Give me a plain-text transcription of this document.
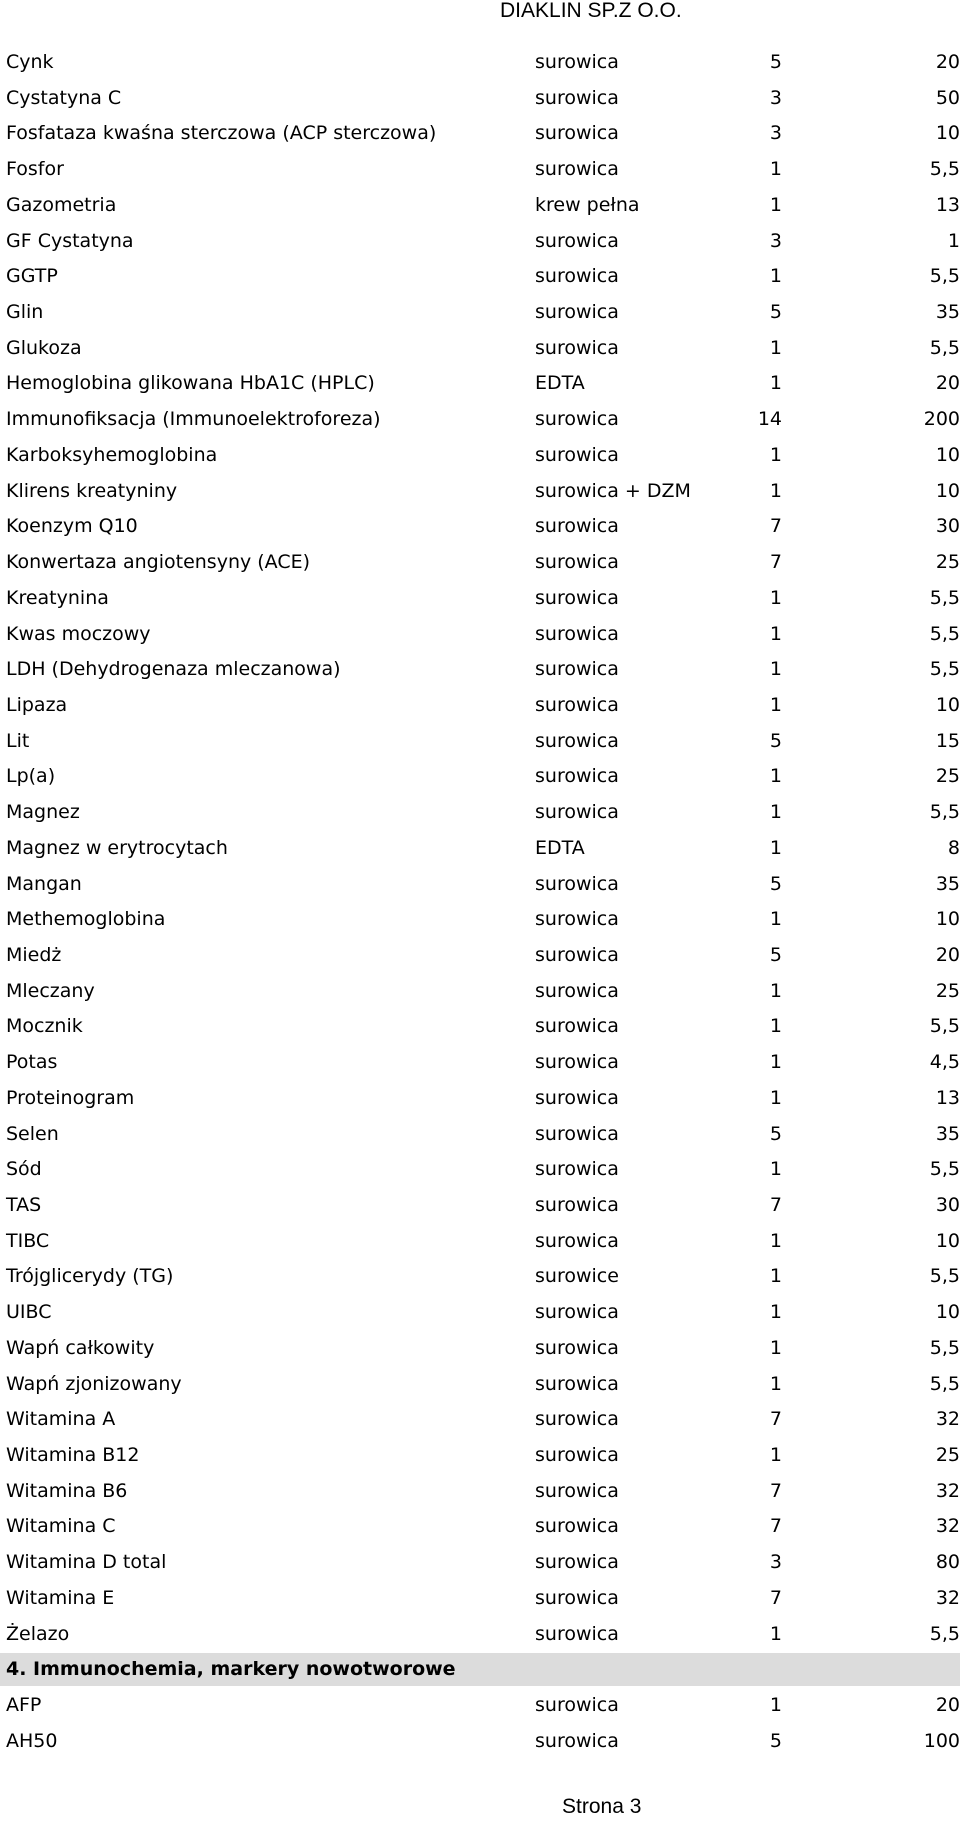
DIAKLIN SP.Z O.O.
Cynk	surowica	5	20
Cystatyna C	surowica	3	50
Fosfataza kwaśna sterczowa (ACP sterczowa)	surowica	3	10
Fosfor	surowica	1	5,5
Gazometria	krew pełna	1	13
GF Cystatyna	surowica	3	1
GGTP	surowica	1	5,5
Glin	surowica	5	35
Glukoza	surowica	1	5,5
Hemoglobina glikowana HbA1C (HPLC)	EDTA	1	20
Immunofiksacja (Immunoelektroforeza)	surowica	14	200
Karboksyhemoglobina	surowica	1	10
Klirens kreatyniny	surowica + DZM	1	10
Koenzym Q10	surowica	7	30
Konwertaza angiotensyny (ACE)	surowica	7	25
Kreatynina	surowica	1	5,5
Kwas moczowy	surowica	1	5,5
LDH (Dehydrogenaza mleczanowa)	surowica	1	5,5
Lipaza	surowica	1	10
Lit	surowica	5	15
Lp(a)	surowica	1	25
Magnez	surowica	1	5,5
Magnez w erytrocytach	EDTA	1	8
Mangan	surowica	5	35
Methemoglobina	surowica	1	10
Miedż	surowica	5	20
Mleczany	surowica	1	25
Mocznik	surowica	1	5,5
Potas	surowica	1	4,5
Proteinogram	surowica	1	13
Selen	surowica	5	35
Sód	surowica	1	5,5
TAS	surowica	7	30
TIBC	surowica	1	10
Trójglicerydy (TG)	surowice	1	5,5
UIBC	surowica	1	10
Wapń całkowity	surowica	1	5,5
Wapń zjonizowany	surowica	1	5,5
Witamina A	surowica	7	32
Witamina B12	surowica	1	25
Witamina B6	surowica	7	32
Witamina C	surowica	7	32
Witamina D total	surowica	3	80
Witamina E	surowica	7	32
Żelazo	surowica	1	5,5
4. Immunochemia, markery nowotworowe
AFP	surowica	1	20
AH50	surowica	5	100
Strona 3
